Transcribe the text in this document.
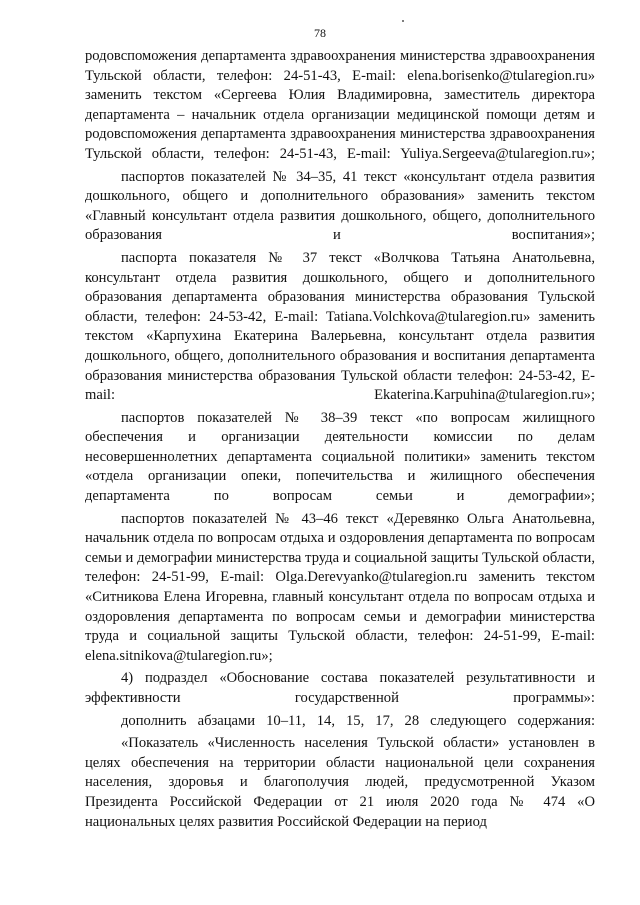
78

родовспоможения департамента здравоохранения министерства здравоохранения Тульской области, телефон: 24-51-43, E-mail: elena.borisenko@tularegion.ru» заменить текстом «Сергеева Юлия Владимировна, заместитель директора департамента – начальник отдела организации медицинской помощи детям и родовспоможения департамента здравоохранения министерства здравоохранения Тульской области, телефон: 24-51-43, E-mail: Yuliya.Sergeeva@tularegion.ru»;

паспортов показателей № 34–35, 41 текст «консультант отдела развития дошкольного, общего и дополнительного образования» заменить текстом «Главный консультант отдела развития дошкольного, общего, дополнительного образования и воспитания»;

паспорта показателя № 37 текст «Волчкова Татьяна Анатольевна, консультант отдела развития дошкольного, общего и дополнительного образования департамента образования министерства образования Тульской области, телефон: 24-53-42, E-mail: Tatiana.Volchkova@tularegion.ru» заменить текстом «Карпухина Екатерина Валерьевна, консультант отдела развития дошкольного, общего, дополнительного образования и воспитания департамента образования министерства образования Тульской области телефон: 24-53-42, E-mail: Ekaterina.Karpuhina@tularegion.ru»;

паспортов показателей № 38–39 текст «по вопросам жилищного обеспечения и организации деятельности комиссии по делам несовершеннолетних департамента социальной политики» заменить текстом «отдела организации опеки, попечительства и жилищного обеспечения департамента по вопросам семьи и демографии»;

паспортов показателей № 43–46 текст «Деревянко Ольга Анатольевна, начальник отдела по вопросам отдыха и оздоровления департамента по вопросам семьи и демографии министерства труда и социальной защиты Тульской области, телефон: 24-51-99, E-mail: Olga.Derevyanko@tularegion.ru заменить текстом «Ситникова Елена Игоревна, главный консультант отдела по вопросам отдыха и оздоровления департамента по вопросам семьи и демографии министерства труда и социальной защиты Тульской области, телефон: 24-51-99, E-mail: elena.sitnikova@tularegion.ru»;

4) подраздел «Обоснование состава показателей результативности и эффективности государственной программы»:

дополнить абзацами 10–11, 14, 15, 17, 28 следующего содержания:

«Показатель «Численность населения Тульской области» установлен в целях обеспечения на территории области национальной цели сохранения населения, здоровья и благополучия людей, предусмотренной Указом Президента Российской Федерации от 21 июля 2020 года № 474 «О национальных целях развития Российской Федерации на период
